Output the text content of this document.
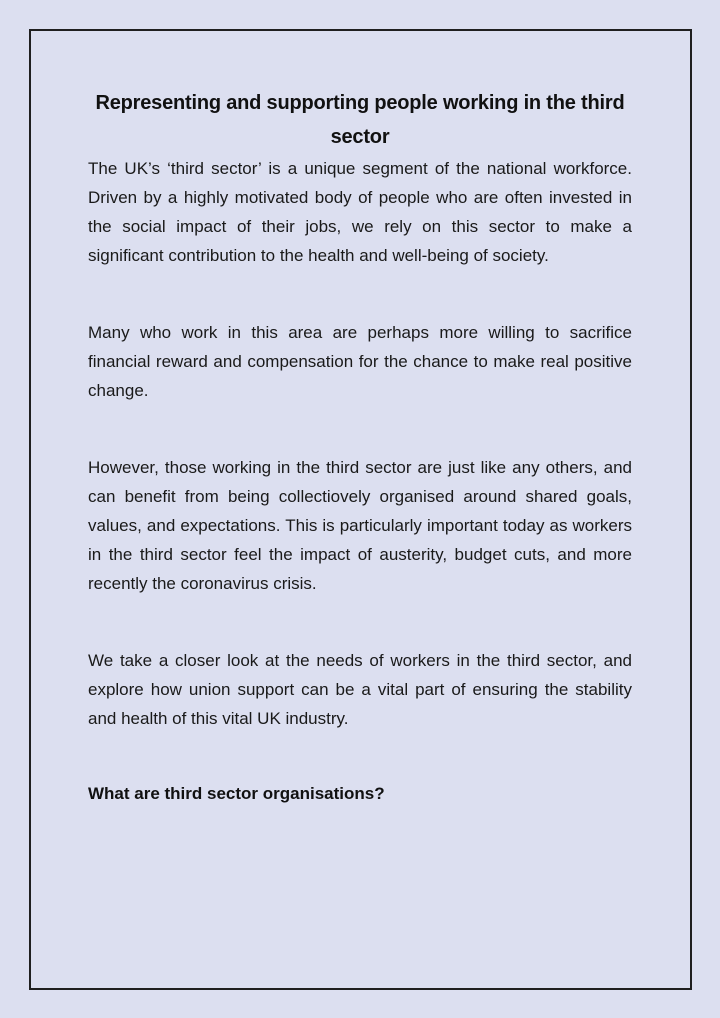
Representing and supporting people working in the third sector

The UK’s ‘third sector’ is a unique segment of the national workforce. Driven by a highly motivated body of people who are often invested in the social impact of their jobs, we rely on this sector to make a significant contribution to the health and well-being of society.

Many who work in this area are perhaps more willing to sacrifice financial reward and compensation for the chance to make real positive change.

However, those working in the third sector are just like any others, and can benefit from being collectiovely organised around shared goals, values, and expectations. This is particularly important today as workers in the third sector feel the impact of austerity, budget cuts, and more recently the coronavirus crisis.

We take a closer look at the needs of workers in the third sector, and explore how union support can be a vital part of ensuring the stability and health of this vital UK industry.

What are third sector organisations?
